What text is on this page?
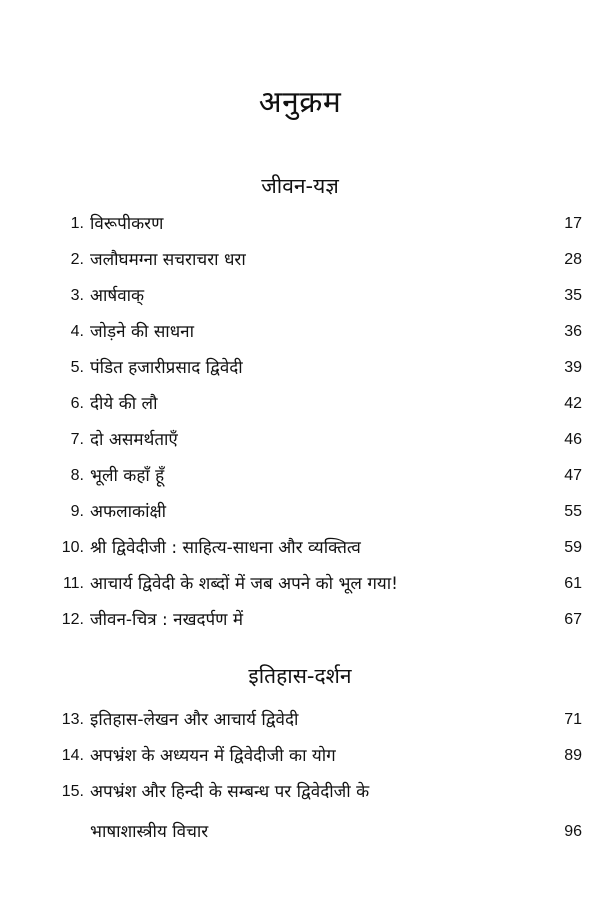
अनुक्रम
जीवन-यज्ञ
1. विरूपीकरण	17
2. जलौघमग्ना सचराचरा धरा	28
3. आर्षवाक्	35
4. जोड़ने की साधना	36
5. पंडित हजारीप्रसाद द्विवेदी	39
6. दीये की लौ	42
7. दो असमर्थताएँ	46
8. भूली कहाँ हूँ	47
9. अफलाकांक्षी	55
10. श्री द्विवेदीजी : साहित्य-साधना और व्यक्तित्व	59
11. आचार्य द्विवेदी के शब्दों में जब अपने को भूल गया!	61
12. जीवन-चित्र : नखदर्पण में	67
इतिहास-दर्शन
13. इतिहास-लेखन और आचार्य द्विवेदी	71
14. अपभ्रंश के अध्ययन में द्विवेदीजी का योग	89
15. अपभ्रंश और हिन्दी के सम्बन्ध पर द्विवेदीजी के
भाषाशास्त्रीय विचार	96
